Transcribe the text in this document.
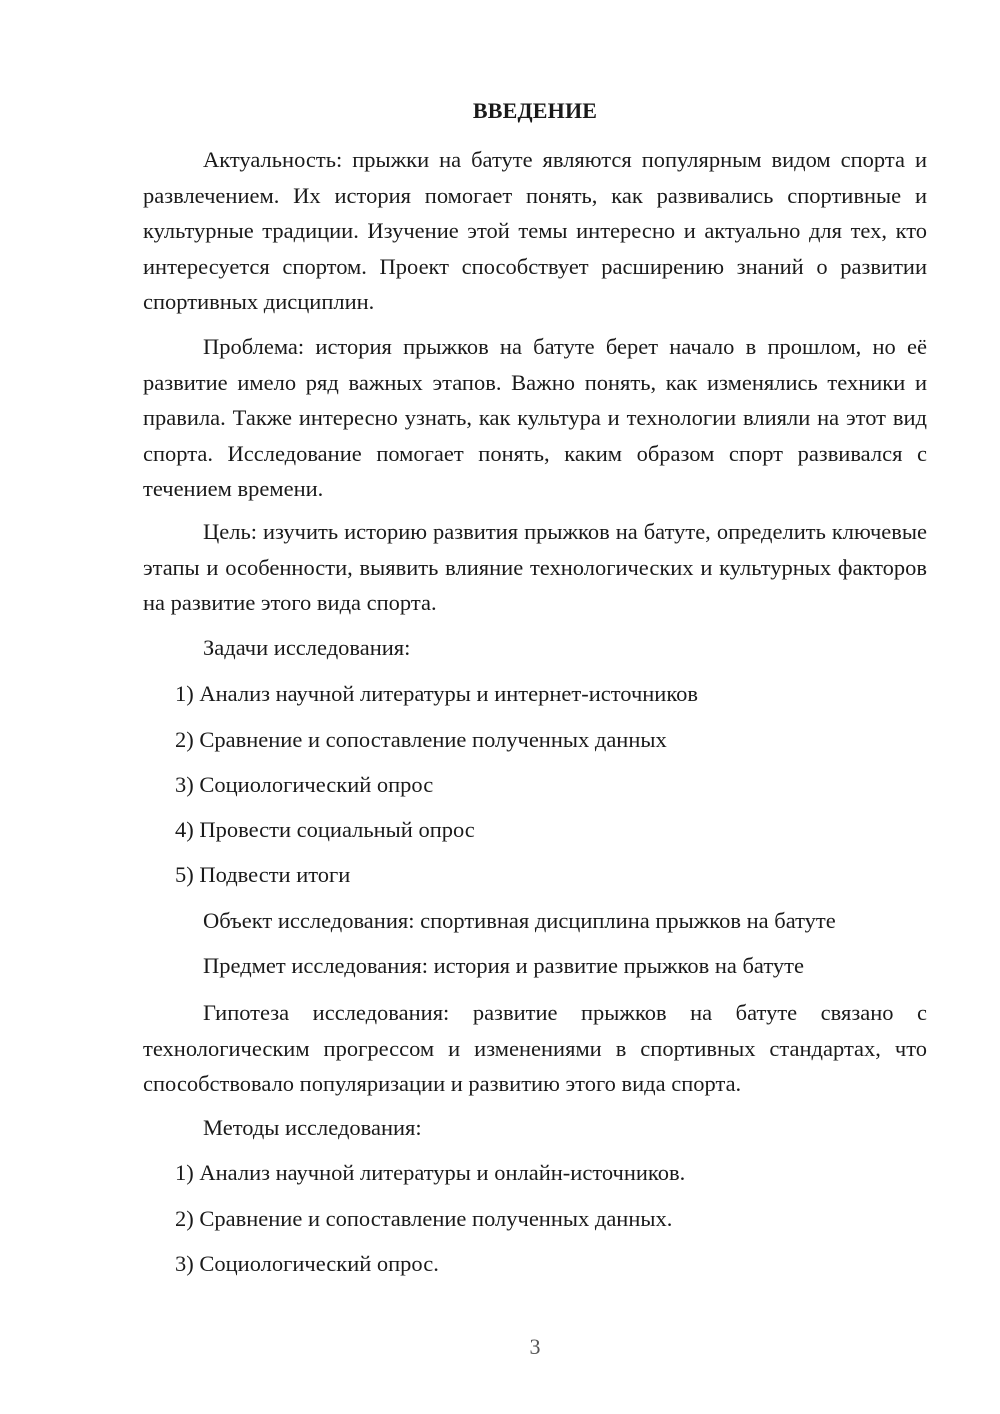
ВВЕДЕНИЕ

Актуальность: прыжки на батуте являются популярным видом спорта и развлечением. Их история помогает понять, как развивались спортивные и культурные традиции. Изучение этой темы интересно и актуально для тех, кто интересуется спортом. Проект способствует расширению знаний о развитии спортивных дисциплин.

Проблема: история прыжков на батуте берет начало в прошлом, но её развитие имело ряд важных этапов. Важно понять, как изменялись техники и правила. Также интересно узнать, как культура и технологии влияли на этот вид спорта. Исследование помогает понять, каким образом спорт развивался с течением времени.

Цель: изучить историю развития прыжков на батуте, определить ключевые этапы и особенности, выявить влияние технологических и культурных факторов на развитие этого вида спорта.

Задачи исследования:

1) Анализ научной литературы и интернет-источников

2) Сравнение и сопоставление полученных данных

3) Социологический опрос

4) Провести социальный опрос

5) Подвести итоги

Объект исследования: спортивная дисциплина прыжков на батуте

Предмет исследования: история и развитие прыжков на батуте

Гипотеза исследования: развитие прыжков на батуте связано с технологическим прогрессом и изменениями в спортивных стандартах, что способствовало популяризации и развитию этого вида спорта.

Методы исследования:

1) Анализ научной литературы и онлайн-источников.

2) Сравнение и сопоставление полученных данных.

3) Социологический опрос.

3
